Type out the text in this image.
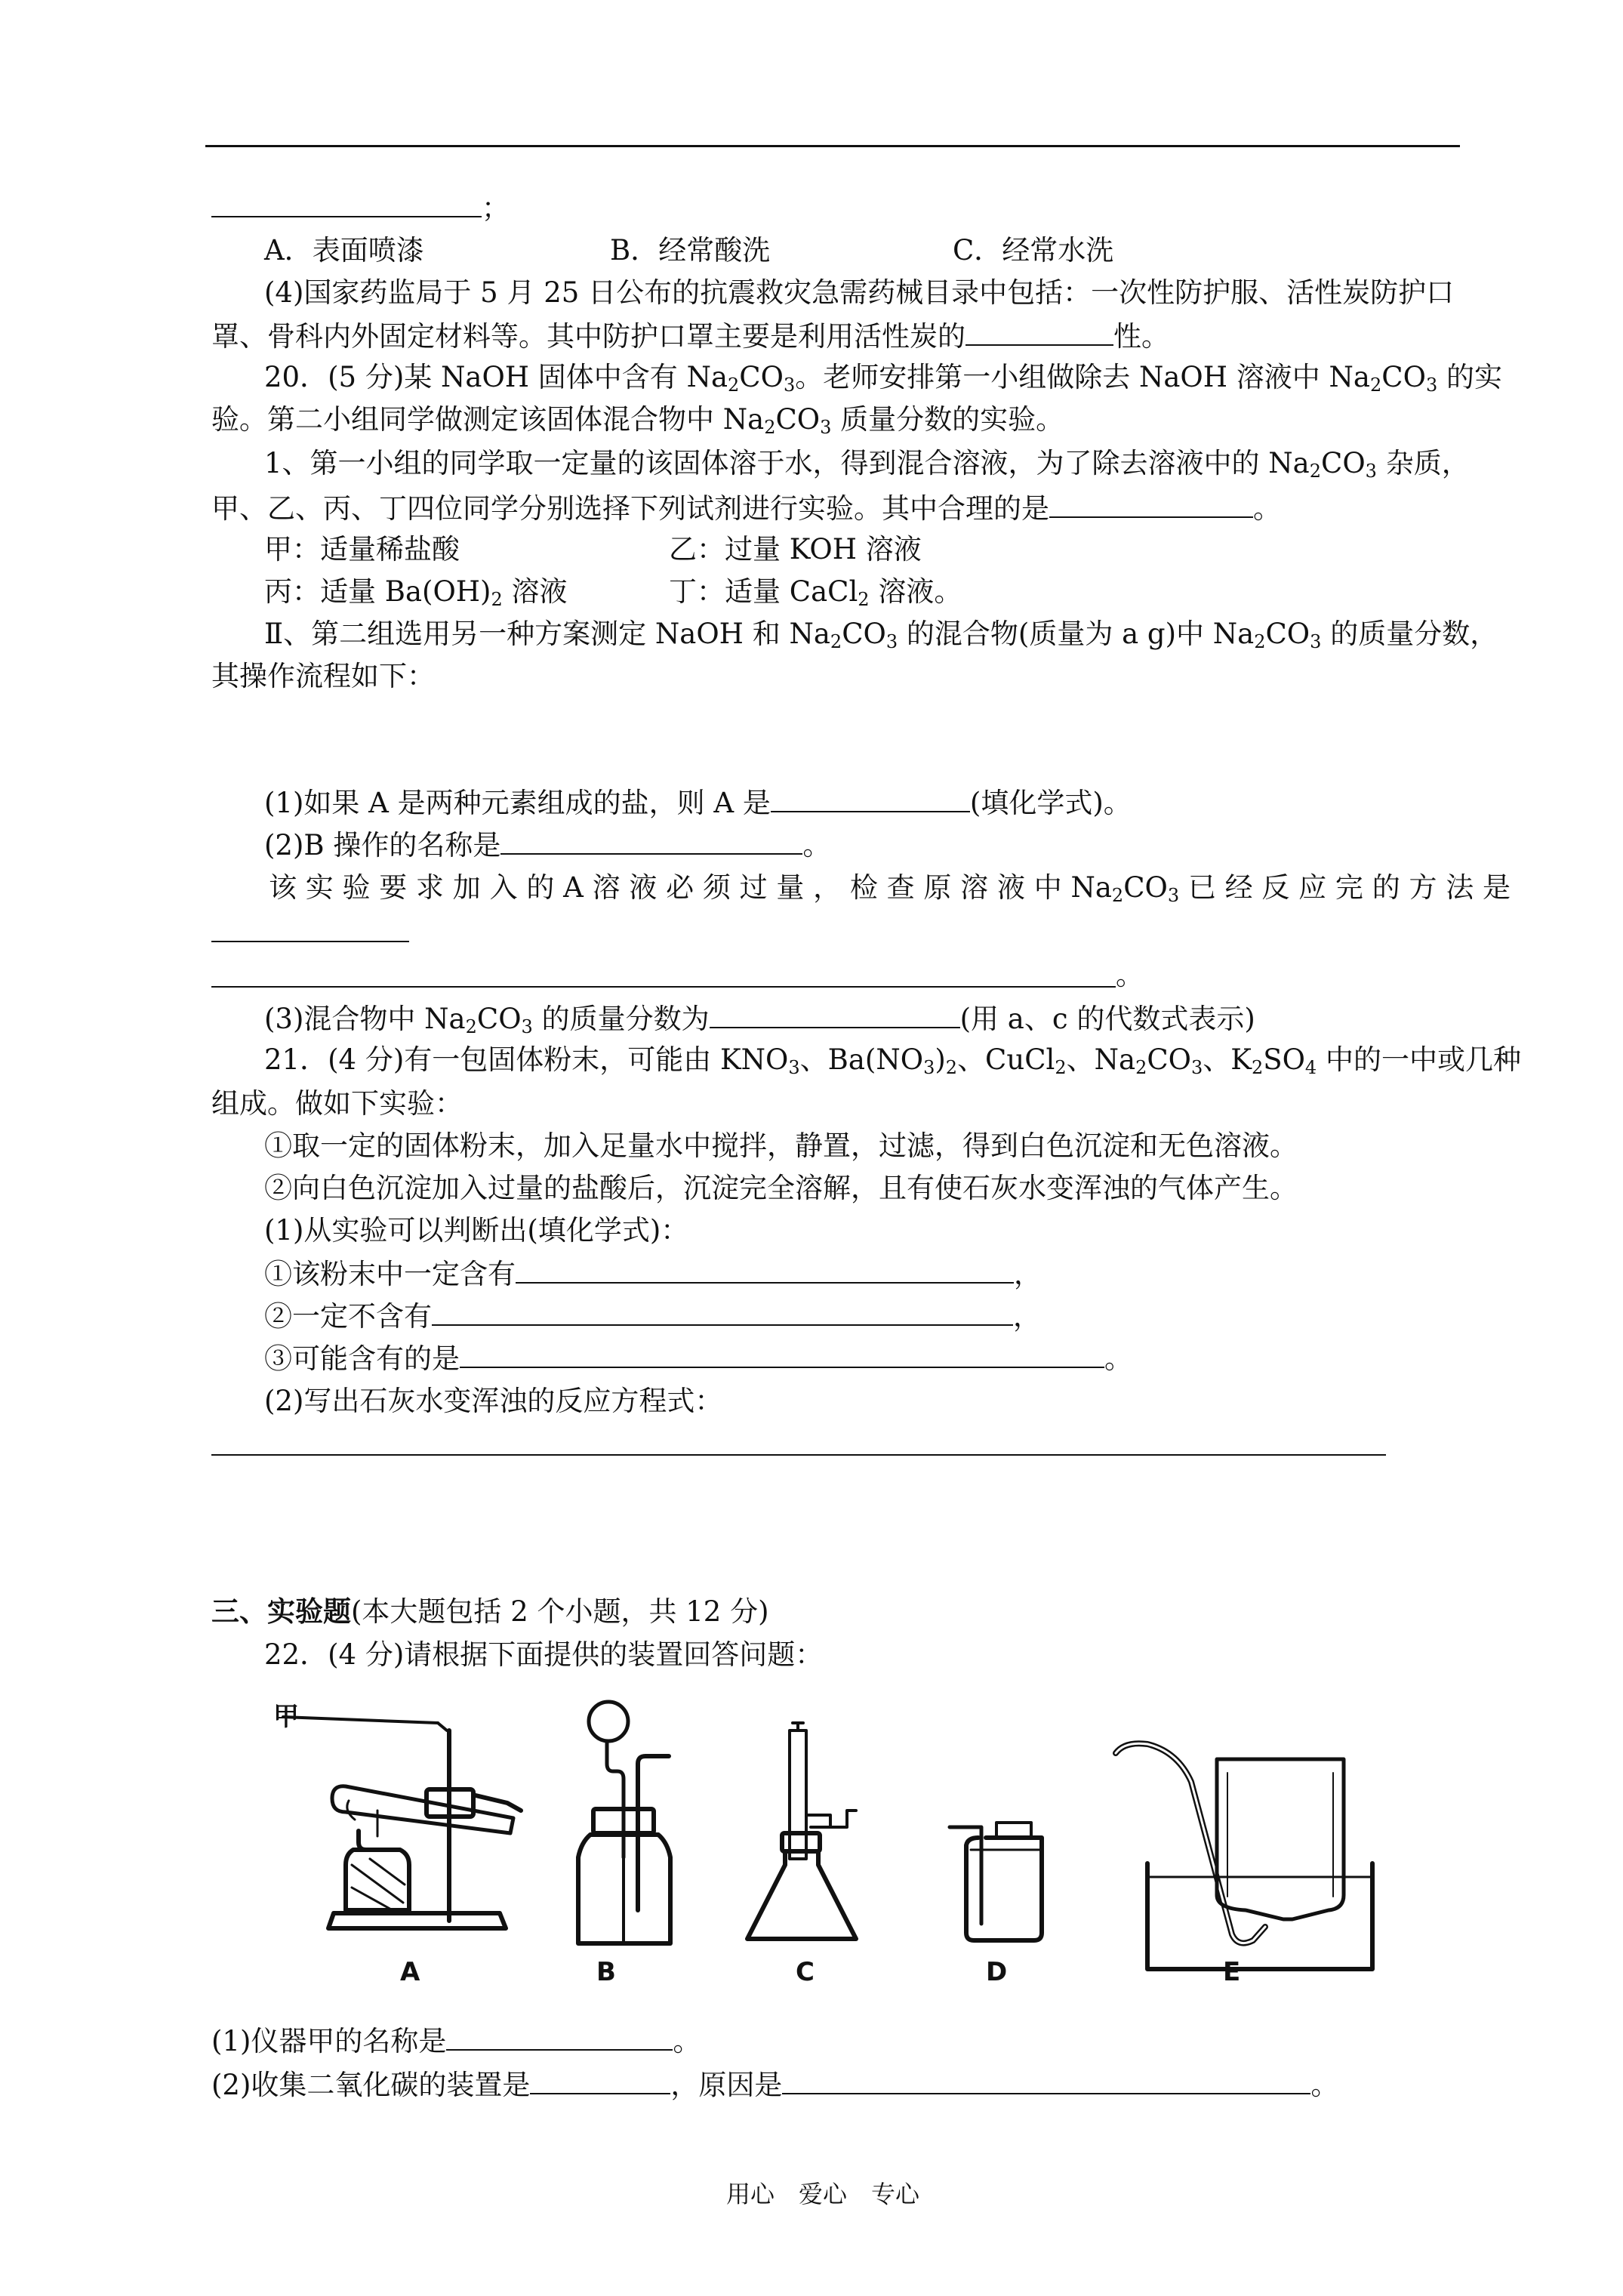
；
A．表面喷漆	B．经常酸洗	C．经常水洗
(4)国家药监局于 5 月 25 日公布的抗震救灾急需药械目录中包括：一次性防护服、活性炭防护口
罩、骨科内外固定材料等。其中防护口罩主要是利用活性炭的	性。
20．(5 分)某 NaOH 固体中含有 $Na_2CO_3$。老师安排第一小组做除去 NaOH 溶液中 $Na_2CO_3$ 的实
验。第二小组同学做测定该固体混合物中 $Na_2CO_3$ 质量分数的实验。
1、第一小组的同学取一定量的该固体溶于水，得到混合溶液，为了除去溶液中的 $Na_2CO_3$ 杂质，
甲、乙、丙、丁四位同学分别选择下列试剂进行实验。其中合理的是	。
甲：适量稀盐酸	乙：过量 KOH 溶液
丙：适量 $Ba(OH)_2$ 溶液	丁：适量 CaCl$_2$ 溶液。
Ⅱ、第二组选用另一种方案测定 NaOH 和 $Na_2CO_3$ 的混合物(质量为 a g)中 $Na_2CO_3$ 的质量分数，
其操作流程如下：
(1)如果 A 是两种元素组成的盐，则 A 是	(填化学式)。
(2)B 操作的名称是	。
该 实 验 要 求 加 入 的 A 溶 液 必 须 过 量 ， 检 查 原 溶 液 中 $Na_2CO_3$ 已 经 反 应 完 的 方 法 是
。
(3)混合物中 $Na_2CO_3$ 的质量分数为	(用 a、c 的代数式表示)
21．(4 分)有一包固体粉末，可能由 $KNO_3$、$Ba(NO_3)_2$、CuCl$_2$、$Na_2CO_3$、$K_2SO_4$ 中的一中或几种
组成。做如下实验：
①取一定的固体粉末，加入足量水中搅拌，静置，过滤，得到白色沉淀和无色溶液。
②向白色沉淀加入过量的盐酸后，沉淀完全溶解，且有使石灰水变浑浊的气体产生。
(1)从实验可以判断出(填化学式)：
①该粉末中一定含有	，
②一定不含有	，
③可能含有的是	。
(2)写出石灰水变浑浊的反应方程式：
三、实验题(本大题包括 2 个小题，共 12 分)
22．(4 分)请根据下面提供的装置回答问题：
甲
A	B	C	D	E
(1)仪器甲的名称是	。
(2)收集二氧化碳的装置是	，原因是	。
用心　爱心　专心
